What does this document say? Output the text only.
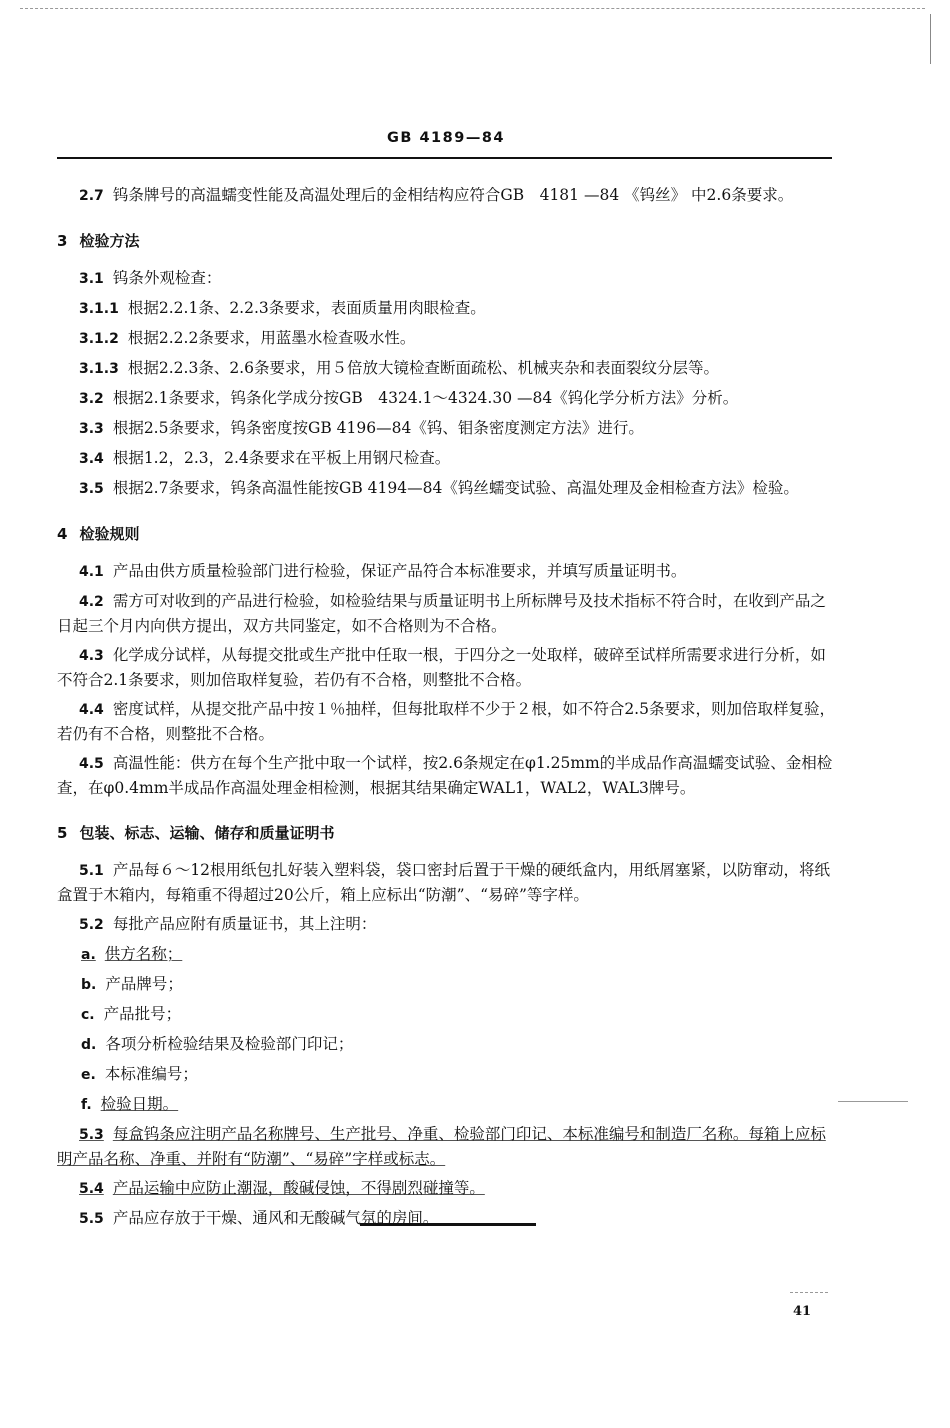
GB 4189—84
2.7 钨条牌号的高温蠕变性能及高温处理后的金相结构应符合GB　4181 —84 《钨丝》 中2.6条要求。
3 检验方法
3.1 钨条外观检查：
3.1.1 根据2.2.1条、2.2.3条要求，表面质量用肉眼检查。
3.1.2 根据2.2.2条要求，用蓝墨水检查吸水性。
3.1.3 根据2.2.3条、2.6条要求，用５倍放大镜检查断面疏松、机械夹杂和表面裂纹分层等。
3.2 根据2.1条要求，钨条化学成分按GB　4324.1～4324.30 —84《钨化学分析方法》分析。
3.3 根据2.5条要求，钨条密度按GB 4196—84《钨、钼条密度测定方法》进行。
3.4 根据1.2，2.3，2.4条要求在平板上用钢尺检查。
3.5 根据2.7条要求，钨条高温性能按GB 4194—84《钨丝蠕变试验、高温处理及金相检查方法》检验。
4 检验规则
4.1 产品由供方质量检验部门进行检验，保证产品符合本标准要求，并填写质量证明书。
4.2 需方可对收到的产品进行检验，如检验结果与质量证明书上所标牌号及技术指标不符合时，在收到产品之日起三个月内向供方提出，双方共同鉴定，如不合格则为不合格。
4.3 化学成分试样，从每提交批或生产批中任取一根，于四分之一处取样，破碎至试样所需要求进行分析，如不符合2.1条要求，则加倍取样复验，若仍有不合格，则整批不合格。
4.4 密度试样，从提交批产品中按１％抽样，但每批取样不少于２根，如不符合2.5条要求，则加倍取样复验，若仍有不合格，则整批不合格。
4.5 高温性能：供方在每个生产批中取一个试样，按2.6条规定在φ1.25mm的半成品作高温蠕变试验、金相检查，在φ0.4mm半成品作高温处理金相检测，根据其结果确定WAL1，WAL2，WAL3牌号。
5 包装、标志、运输、储存和质量证明书
5.1 产品每６～12根用纸包扎好装入塑料袋，袋口密封后置于干燥的硬纸盒内，用纸屑塞紧，以防窜动，将纸盒置于木箱内，每箱重不得超过20公斤，箱上应标出“防潮”、“易碎”等字样。
5.2 每批产品应附有质量证书，其上注明：
a. 供方名称；
b. 产品牌号；
c. 产品批号；
d. 各项分析检验结果及检验部门印记；
e. 本标准编号；
f. 检验日期。
5.3 每盒钨条应注明产品名称牌号、生产批号、净重、检验部门印记、本标准编号和制造厂名称。每箱上应标明产品名称、净重、并附有“防潮”、“易碎”字样或标志。
5.4 产品运输中应防止潮湿，酸碱侵蚀，不得剧烈碰撞等。
5.5 产品应存放于干燥、通风和无酸碱气氛的房间。
41
